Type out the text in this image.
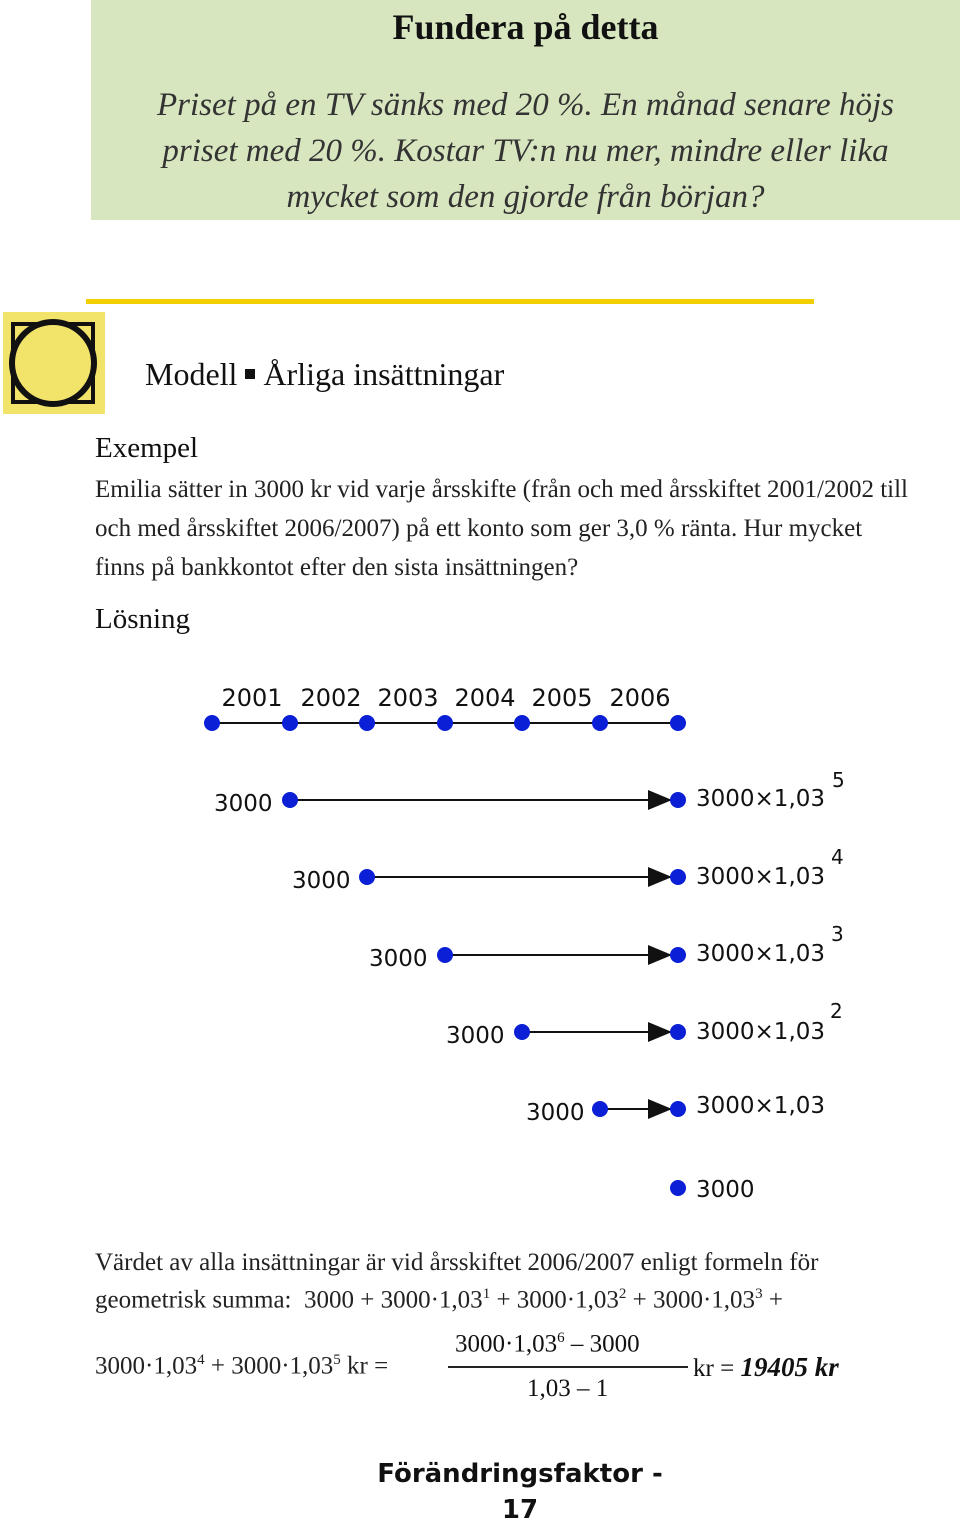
Fundera på detta
Priset på en TV sänks med 20 %. En månad senare höjs priset med 20 %. Kostar TV:n nu mer, mindre eller lika mycket som den gjorde från början?
Modell Årliga insättningar
Exempel
Emilia sätter in 3000 kr vid varje årsskifte (från och med årsskiftet 2001/2002 till och med årsskiftet 2006/2007) på ett konto som ger 3,0 % ränta. Hur mycket finns på bankkontot efter den sista insättningen?
Lösning
2001 2002 2003 2004 2005 2006
3000	3000×1,03
5
3000	3000×1,03
4
3000	3000×1,03
3
3000	3000×1,03
2
3000	3000×1,03
3000
Värdet av alla insättningar är vid årsskiftet 2006/2007 enligt formeln för
geometrisk summa: $3000 + 3000\cdot 1,03^1 + 3000\cdot 1,03^2 + 3000\cdot 1,03^3$ +
$3000\cdot 1,03^4 + 3000\cdot 1,03^5$ kr =
$3000\cdot 1,03^6 - 3000$
1,03 – 1
kr = 19405 kr
Förändringsfaktor - 17
